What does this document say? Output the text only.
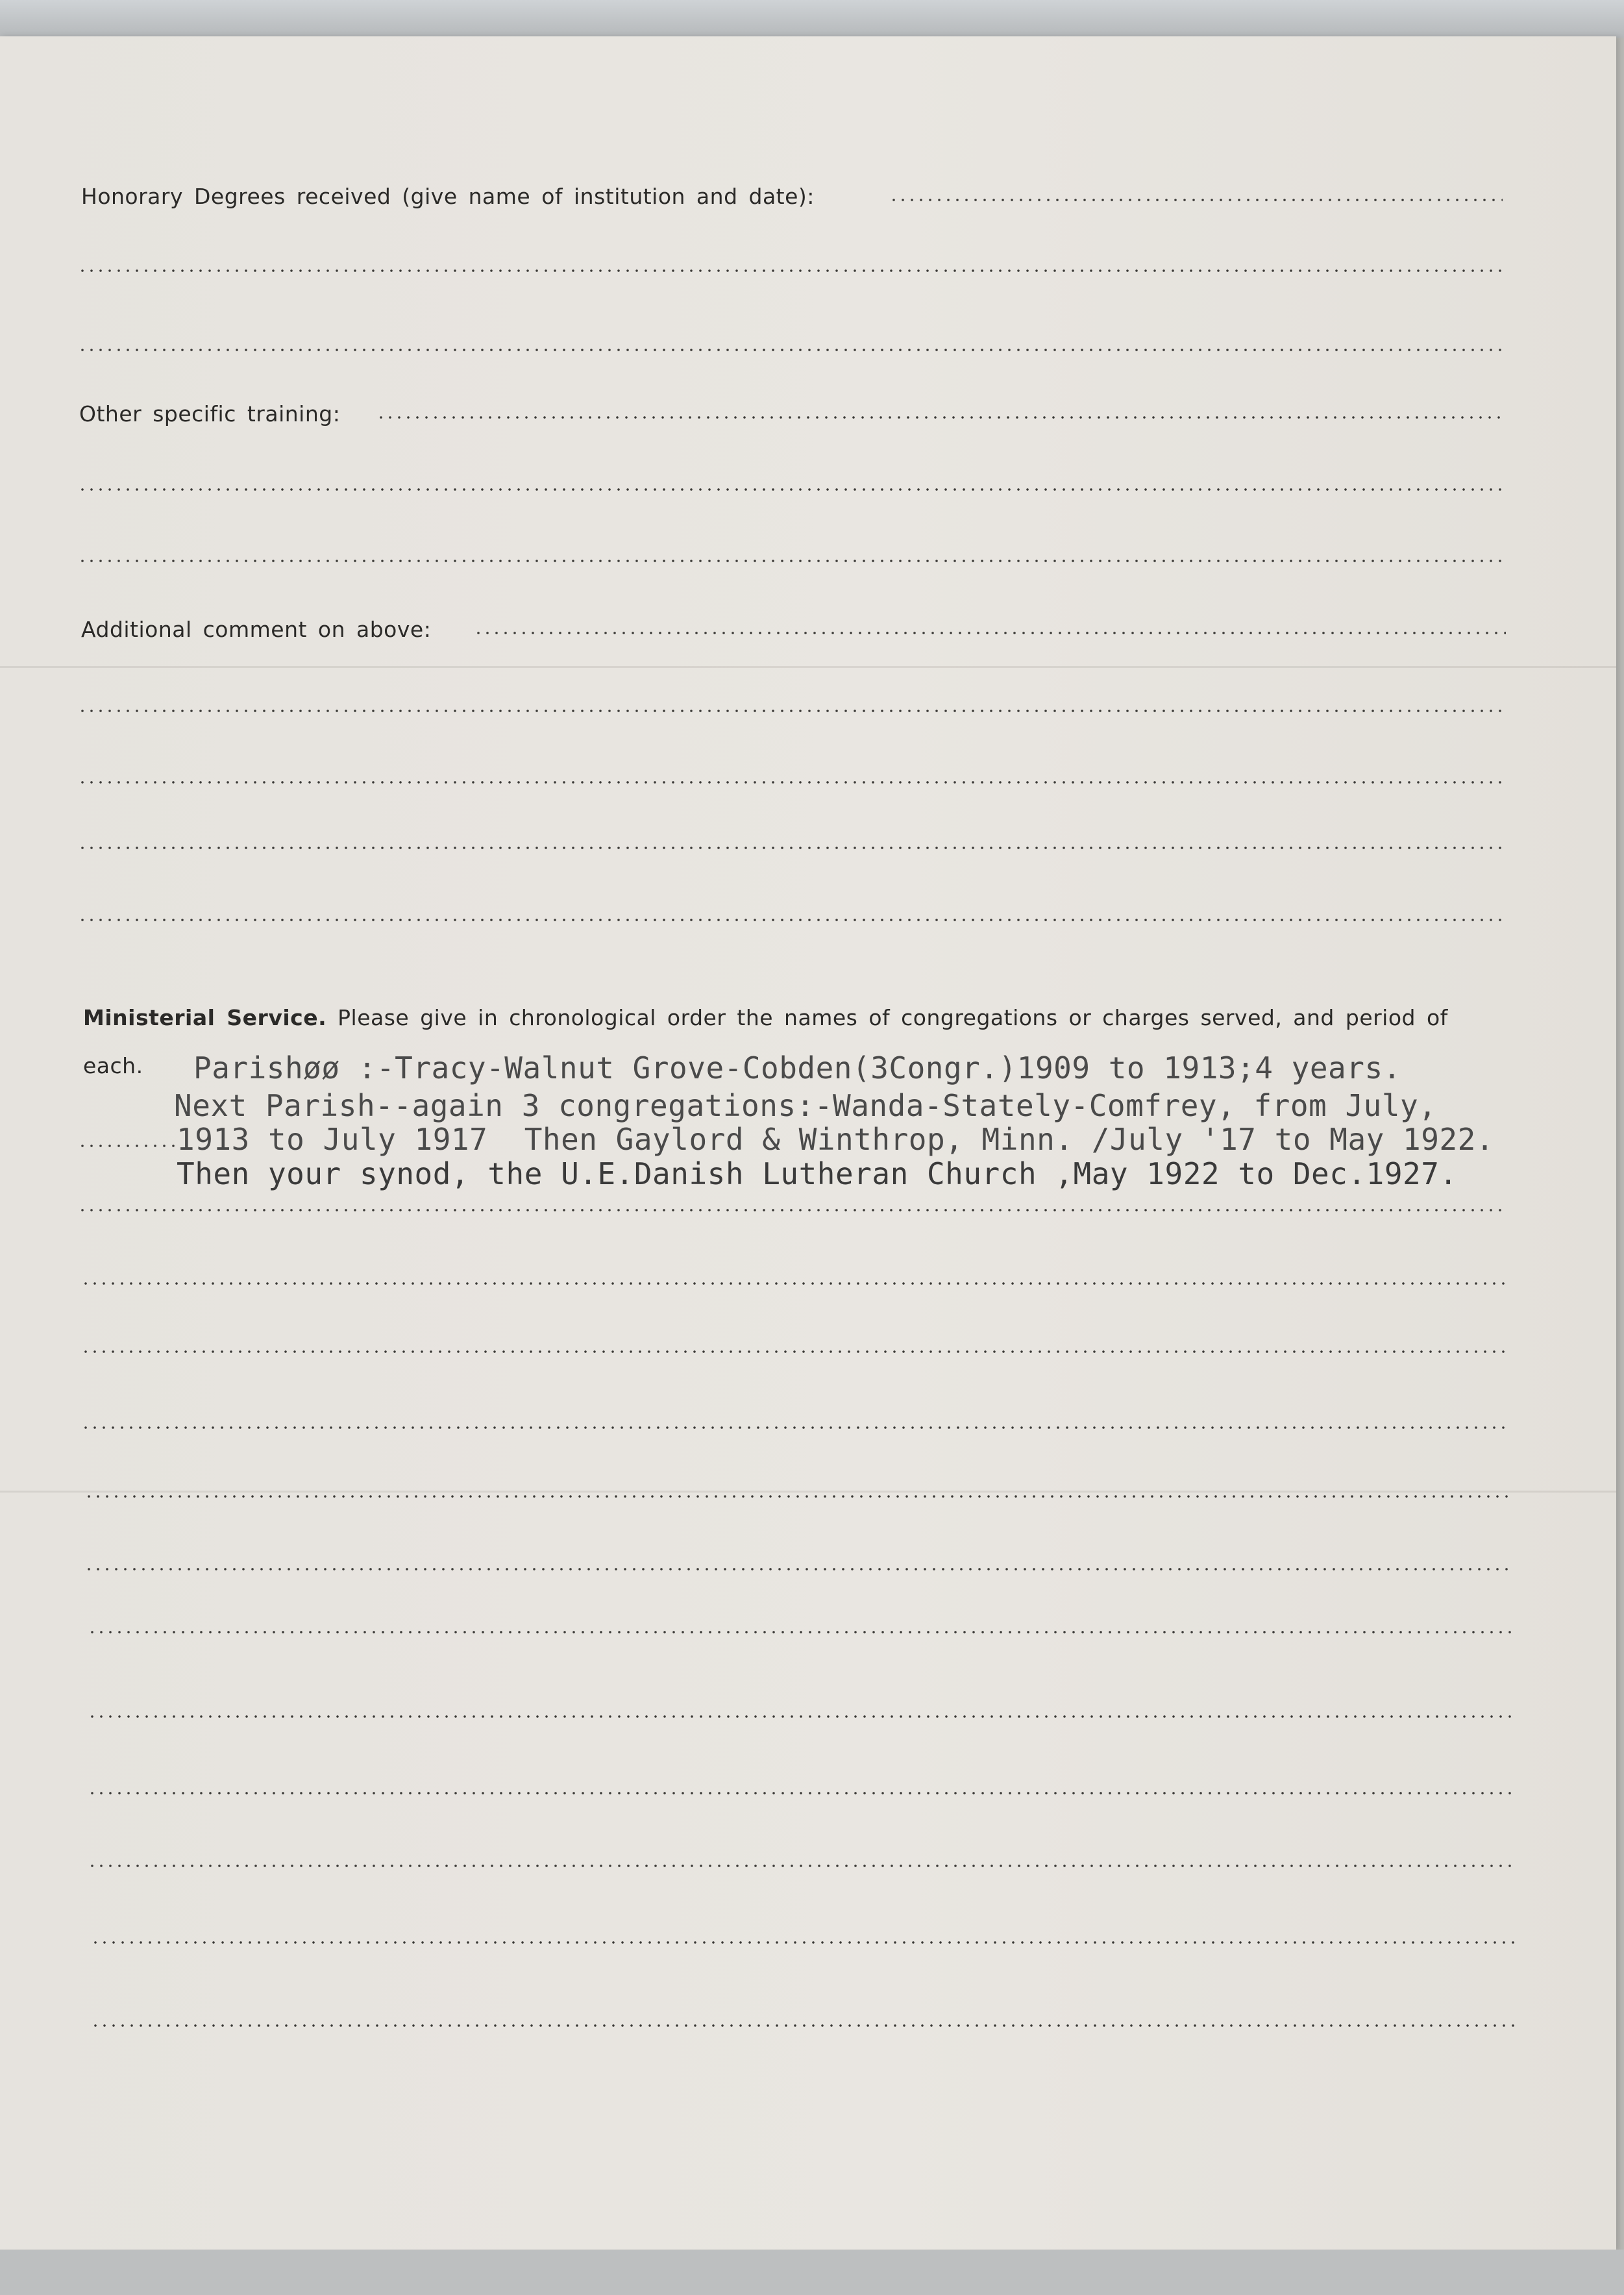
Honorary Degrees received (give name of institution and date):
Other specific training:
Additional comment on above:
Ministerial Service. Please give in chronological order the names of congregations or charges served, and period of
each. Parishøø :-Tracy-Walnut Grove-Cobden(3Congr.)1909 to 1913;4 years.
Next Parish--again 3 congregations:-Wanda-Stately-Comfrey, from July,
1913 to July 1917  Then Gaylord & Winthrop, Minn. /July '17 to May 1922.
Then your synod, the U.E.Danish Lutheran Church ,May 1922 to Dec.1927.
